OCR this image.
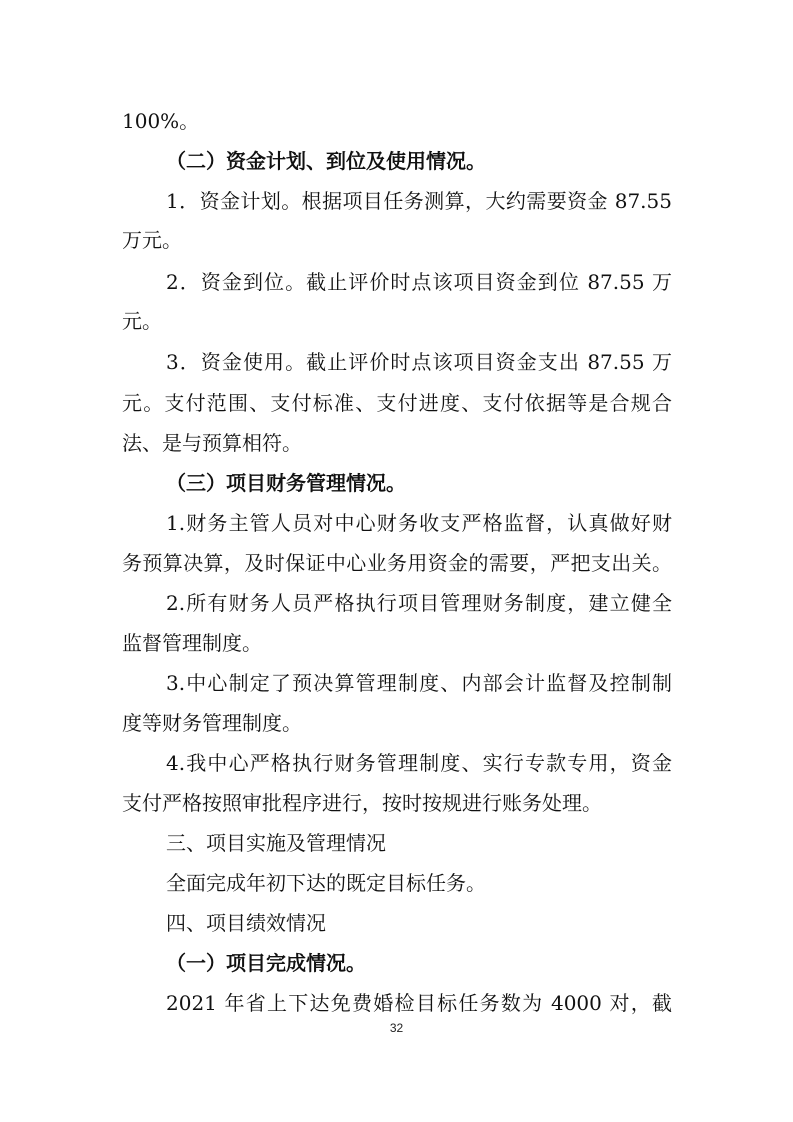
100%。
（二）资金计划、到位及使用情况。
1．资金计划。根据项目任务测算，大约需要资金 87.55
万元。
2．资金到位。截止评价时点该项目资金到位 87.55 万
元。
3．资金使用。截止评价时点该项目资金支出 87.55 万
元。支付范围、支付标准、支付进度、支付依据等是合规合
法、是与预算相符。
（三）项目财务管理情况。
1.财务主管人员对中心财务收支严格监督，认真做好财
务预算决算，及时保证中心业务用资金的需要，严把支出关。
2.所有财务人员严格执行项目管理财务制度，建立健全
监督管理制度。
3.中心制定了预决算管理制度、内部会计监督及控制制
度等财务管理制度。
4.我中心严格执行财务管理制度、实行专款专用，资金
支付严格按照审批程序进行，按时按规进行账务处理。
三、项目实施及管理情况
全面完成年初下达的既定目标任务。
四、项目绩效情况
（一）项目完成情况。
2021 年省上下达免费婚检目标任务数为 4000 对，截
32
